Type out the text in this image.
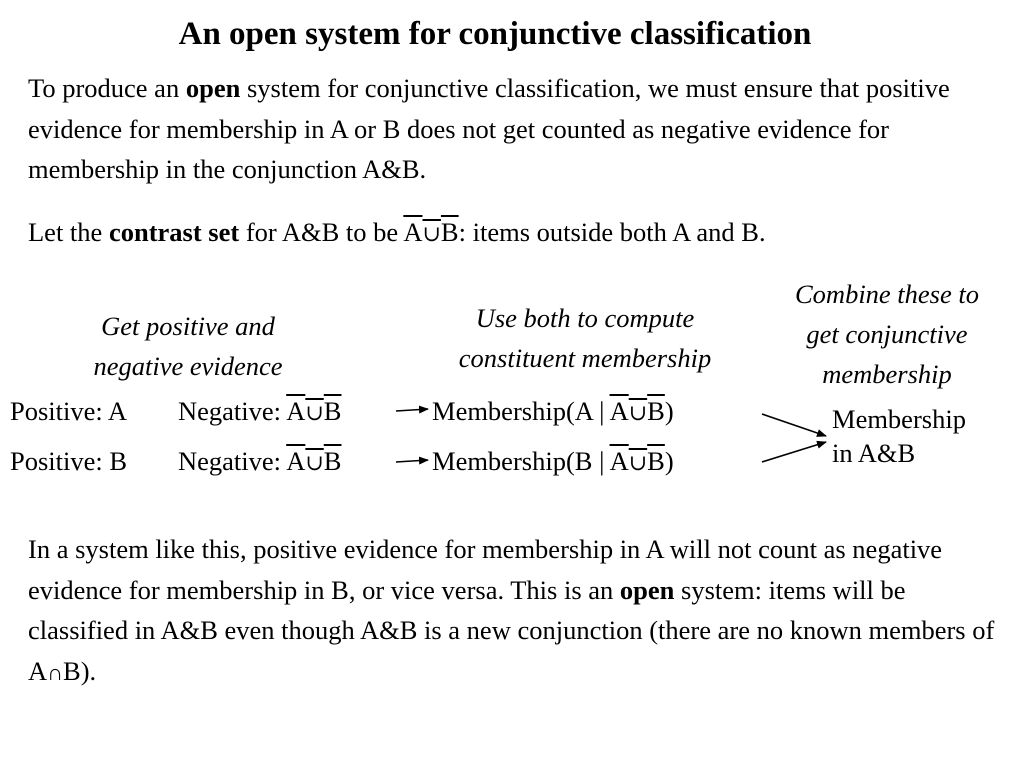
An open system for conjunctive classification
To produce an open system for conjunctive classification, we must ensure that positive evidence for membership in A or B does not get counted as negative evidence for membership in the conjunction A&B.
Let the contrast set for A&B to be A∪B: items outside both A and B.
Get positive and
negative evidence
Use both to compute
constituent membership
Combine these to
get conjunctive
membership
Positive: A Negative: A∪B	Membership(A | A∪B)
Positive: B Negative: A∪B	Membership(B | A∪B)
Membership
in A&B
In a system like this, positive evidence for membership in A will not count as negative evidence for membership in B, or vice versa. This is an open system: items will be classified in A&B even though A&B is a new conjunction (there are no known members of A∩B).
